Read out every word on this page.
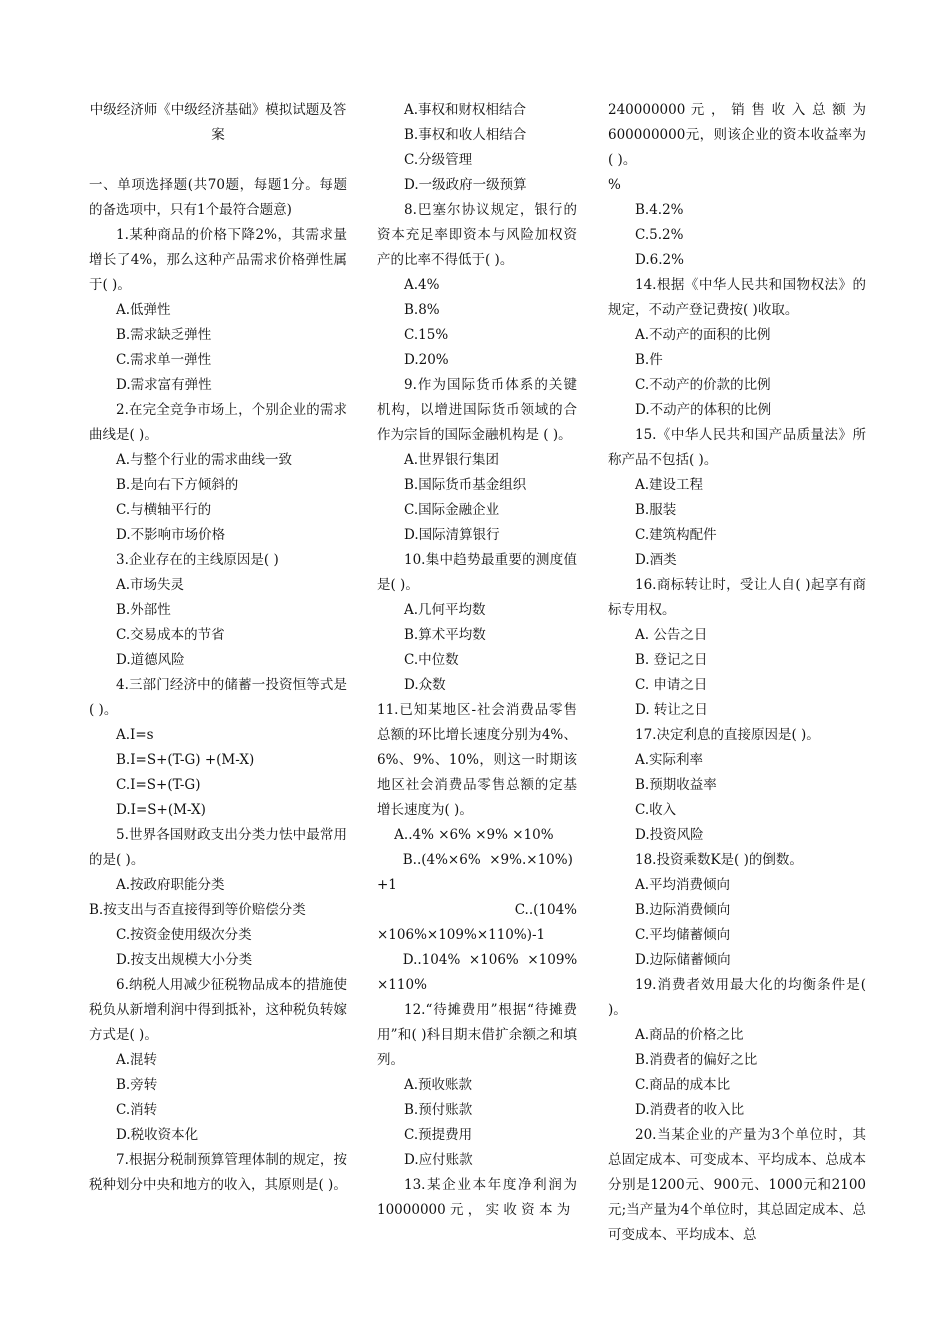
中级经济师《中级经济基础》模拟试题及答案
一、单项选择题(共70题，每题1分。每题的备选项中，只有1个最符合题意)
1.某种商品的价格下降2%，其需求量增长了4%，那么这种产品需求价格弹性属于( )。
A.低弹性
B.需求缺乏弹性
C.需求单一弹性
D.需求富有弹性
2.在完全竞争市场上，个别企业的需求曲线是( )。
A.与整个行业的需求曲线一致
B.是向右下方倾斜的
C.与横轴平行的
D.不影响市场价格
3.企业存在的主线原因是( )
A.市场失灵
B.外部性
C.交易成本的节省
D.道德风险
4.三部门经济中的储蓄一投资恒等式是( )。
A.I=s
B.I=S+(T-G) +(M-X)
C.I=S+(T-G)
D.I=S+(M-X)
5.世界各国财政支出分类力怯中最常用的是( )。
A.按政府职能分类
B.按支出与否直接得到等价赔偿分类
C.按资金使用级次分类
D.按支出规模大小分类
6.纳税人用减少征税物品成本的措施使税负从新增利润中得到抵补，这种税负转嫁方式是( )。
A.混转
B.旁转
C.消转
D.税收资本化
7.根据分税制预算管理体制的规定，按税种划分中央和地方的收入，其原则是( )。
A.事权和财权相结合
B.事权和收人相结合
C.分级管理
D.一级政府一级预算
8.巴塞尔协议规定，银行的资本充足率即资本与风险加权资产的比率不得低于( )。
A.4%
B.8%
C.15%
D.20%
9.作为国际货币体系的关键机构，以增进国际货币领域的合作为宗旨的国际金融机构是 ( )。
A.世界银行集团
B.国际货币基金组织
C.国际金融企业
D.国际清算银行
10.集中趋势最重要的测度值是( )。
A.几何平均数
B.算术平均数
C.中位数
D.众数
11.已知某地区-社会消费品零售总额的环比增长速度分别为4%、6%、9%、10%，则这一时期该地区社会消费品零售总额的定基增长速度为( )。
A..4% ×6% ×9% ×10%
B..(4%×6%  ×9%.×10%)
+1
C..(104%
×106%×109%×110%)-1
D..104%  ×106%  ×109%
×110%
12.“待摊费用”根据“待摊费用”和( )科目期末借扩余额之和填列。
A.预收账款
B.预付账款
C.预提费用
D.应付账款
13.某企业本年度净利润为10000000 元 ， 实 收 资 本 为
240000000 元 ， 销 售 收 入 总 额 为600000000元，则该企业的资本收益率为( )。
%
B.4.2%
C.5.2%
D.6.2%
14.根据《中华人民共和国物权法》的规定，不动产登记费按( )收取。
A.不动产的面积的比例
B.件
C.不动产的价款的比例
D.不动产的体积的比例
15.《中华人民共和国产品质量法》所称产品不包括( )。
A.建设工程
B.服装
C.建筑构配件
D.酒类
16.商标转让时，受让人自( )起享有商标专用权。
A. 公告之日
B. 登记之日
C. 申请之日
D. 转让之日
17.决定利息的直接原因是( )。
A.实际利率
B.预期收益率
C.收入
D.投资风险
18.投资乘数K是( )的倒数。
A.平均消费倾向
B.边际消费倾向
C.平均储蓄倾向
D.边际储蓄倾向
19.消费者效用最大化的均衡条件是( )。
A.商品的价格之比
B.消费者的偏好之比
C.商品的成本比
D.消费者的收入比
20.当某企业的产量为3个单位时，其总固定成本、可变成本、平均成本、总成本分别是1200元、900元、1000元和2100元;当产量为4个单位时，其总固定成本、总可变成本、平均成本、总
